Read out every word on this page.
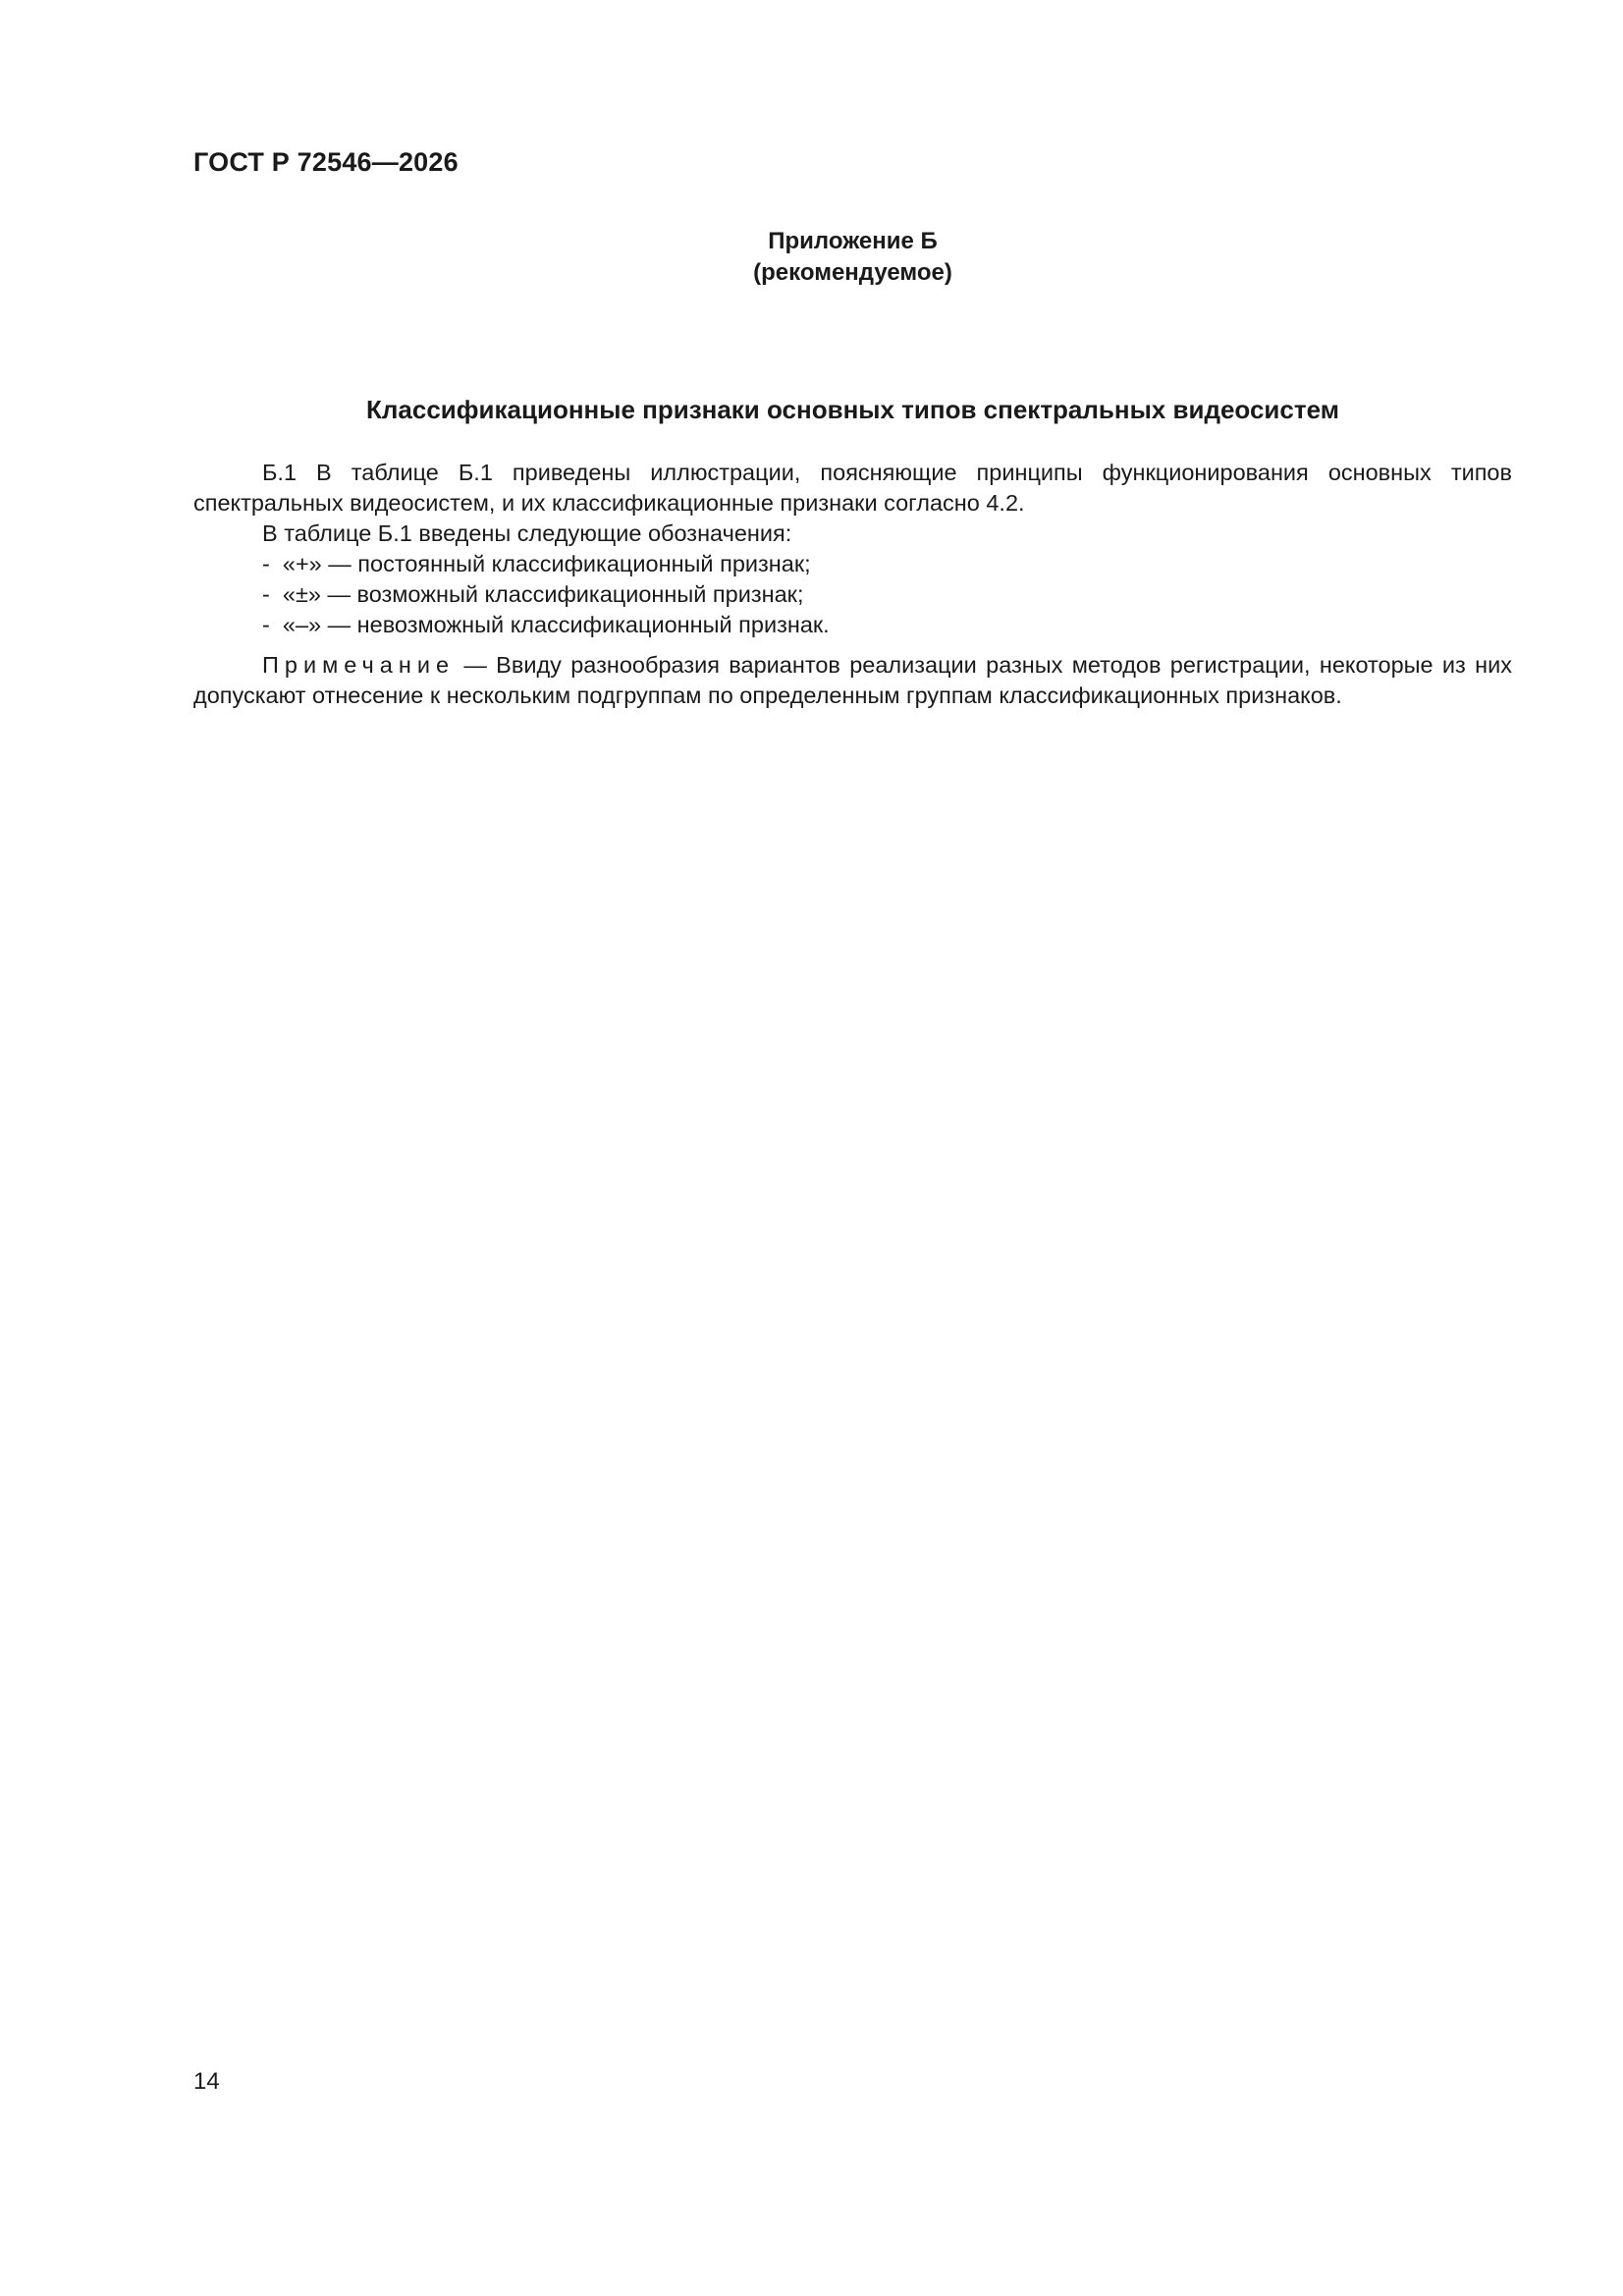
ГОСТ Р 72546—2026
Приложение Б
(рекомендуемое)
Классификационные признаки основных типов спектральных видеосистем

Б.1 В таблице Б.1 приведены иллюстрации, поясняющие принципы функционирования основных типов спектральных видеосистем, и их классификационные признаки согласно 4.2.

В таблице Б.1 введены следующие обозначения:

-  «+» — постоянный классификационный признак;

-  «±» — возможный классификационный признак;

-  «–» — невозможный классификационный признак.

Примечание — Ввиду разнообразия вариантов реализации разных методов регистрации, некоторые из них допускают отнесение к нескольким подгруппам по определенным группам классификационных признаков.

14
